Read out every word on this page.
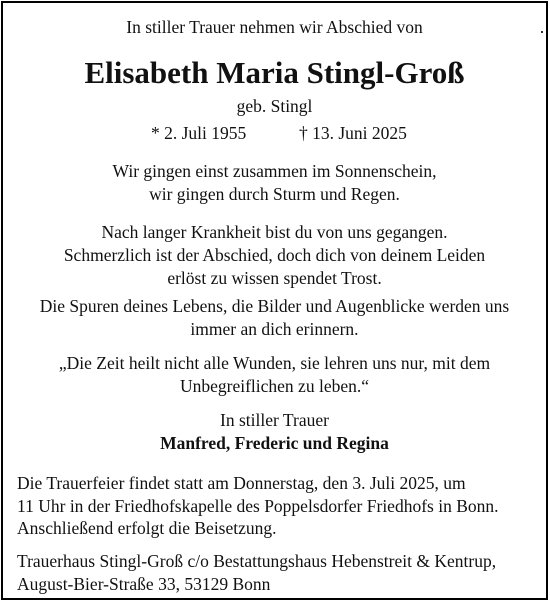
In stiller Trauer nehmen wir Abschied von
Elisabeth Maria Stingl-Groß
geb. Stingl
* 2. Juli 1955	† 13. Juni 2025
Wir gingen einst zusammen im Sonnenschein,
wir gingen durch Sturm und Regen.
Nach langer Krankheit bist du von uns gegangen.
Schmerzlich ist der Abschied, doch dich von deinem Leiden
erlöst zu wissen spendet Trost.
Die Spuren deines Lebens, die Bilder und Augenblicke werden uns
immer an dich erinnern.
„Die Zeit heilt nicht alle Wunden, sie lehren uns nur, mit dem
Unbegreiflichen zu leben.“
In stiller Trauer
Manfred, Frederic und Regina
Die Trauerfeier findet statt am Donnerstag, den 3. Juli 2025, um
11 Uhr in der Friedhofskapelle des Poppelsdorfer Friedhofs in Bonn.
Anschließend erfolgt die Beisetzung.
Trauerhaus Stingl-Groß c/o Bestattungshaus Hebenstreit & Kentrup,
August-Bier-Straße 33, 53129 Bonn
